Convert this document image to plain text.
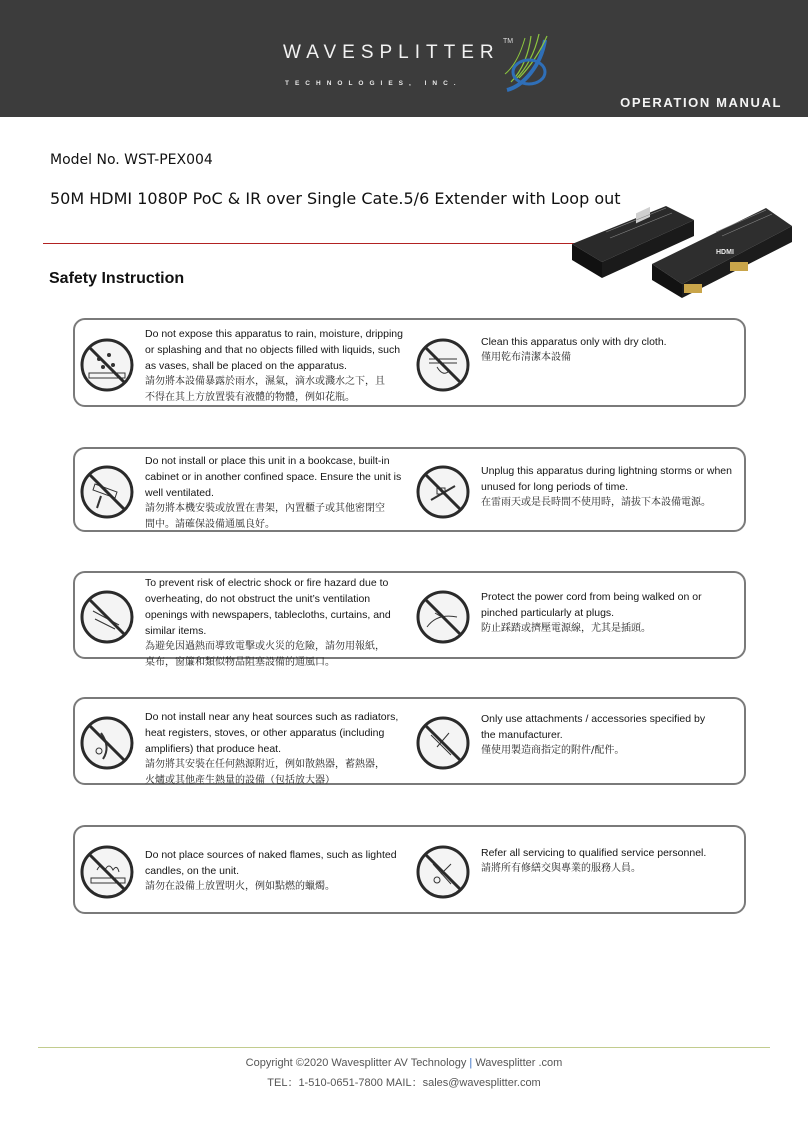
WAVESPLITTER
TM
TECHNOLOGIES, INC.
OPERATION MANUAL
Model No. WST-PEX004
50M HDMI 1080P PoC & IR over Single Cate.5/6 Extender with Loop out
Safety Instruction
HDMI
Do not expose this apparatus to rain, moisture, dripping
or splashing and that no objects filled with liquids, such
as vases, shall be placed on the apparatus.
請勿將本設備暴露於雨水，濕氣，滴水或濺水之下，且
不得在其上方放置裝有液體的物體，例如花瓶。
Clean this apparatus only with dry cloth.
僅用乾布清潔本設備
Do not install or place this unit in a bookcase, built-in
cabinet or in another confined space. Ensure the unit is
well ventilated.
請勿將本機安裝或放置在書架，內置櫃子或其他密閉空
間中。請確保設備通風良好。
Unplug this apparatus during lightning storms or when
unused for long periods of time.
在雷雨天或是長時間不使用時，請拔下本設備電源。
To prevent risk of electric shock or fire hazard due to
overheating, do not obstruct the unit’s ventilation
openings with newspapers, tablecloths, curtains, and
similar items.
為避免因過熱而導致電擊或火災的危險，請勿用報紙，
桌布，窗簾和類似物品阻塞設備的通風口。
Protect the power cord from being walked on or
pinched particularly at plugs.
防止踩踏或擠壓電源線，尤其是插頭。
Do not install near any heat sources such as radiators,
heat registers, stoves, or other apparatus (including
amplifiers) that produce heat.
請勿將其安裝在任何熱源附近，例如散熱器，蓄熱器，
火爐或其他產生熱量的設備（包括放大器）
Only use attachments / accessories specified by
the manufacturer.
僅使用製造商指定的附件/配件。
Do not place sources of naked flames, such as lighted
candles, on the unit.
請勿在設備上放置明火，例如點燃的蠟燭。
Refer all servicing to qualified service personnel.
請將所有修繕交與專業的服務人員。
Copyright ©2020 Wavesplitter AV Technology | Wavesplitter .com
TEL：1-510-0651-7800 MAIL：sales@wavesplitter.com
